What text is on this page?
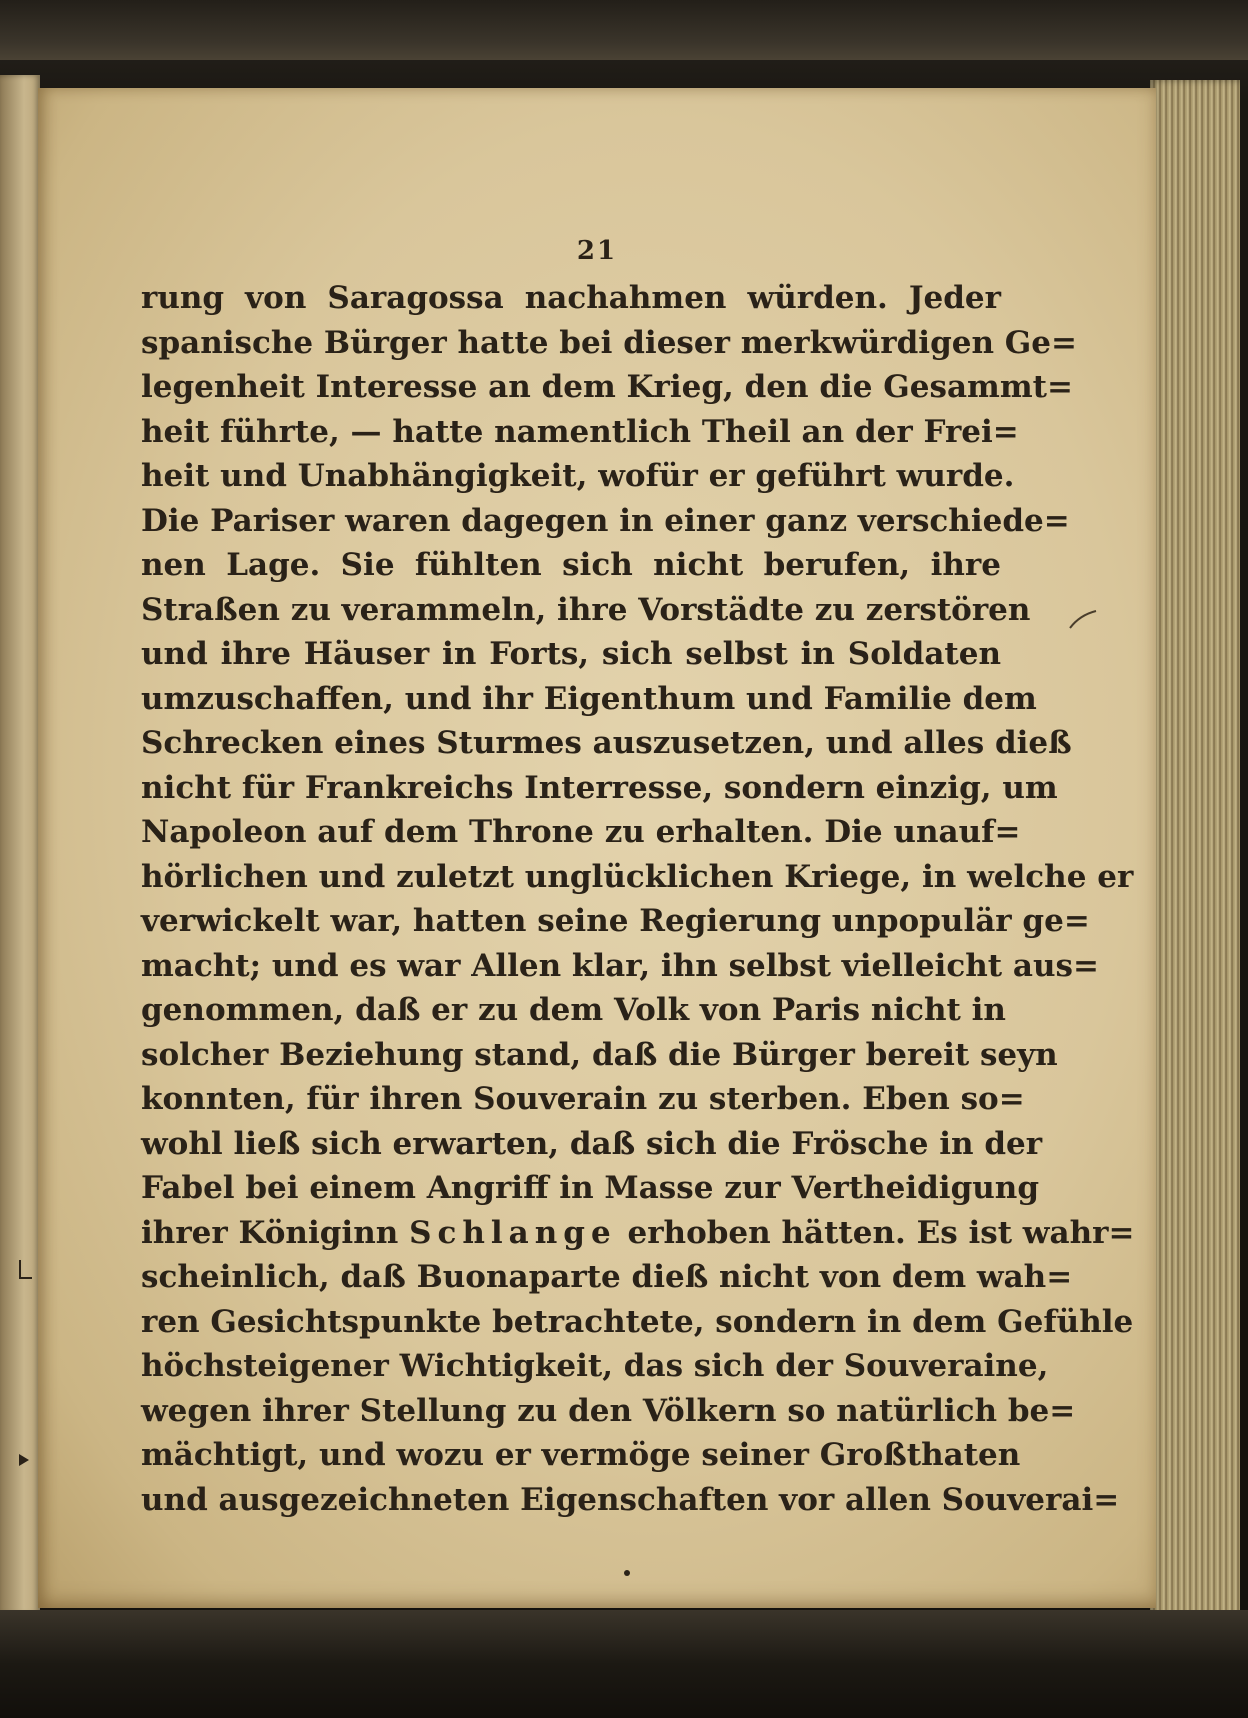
21
rung von Saragossa nachahmen würden. Jeder
spanische Bürger hatte bei dieser merkwürdigen Ge=
legenheit Interesse an dem Krieg, den die Gesammt=
heit führte, — hatte namentlich Theil an der Frei=
heit und Unabhängigkeit, wofür er geführt wurde.
Die Pariser waren dagegen in einer ganz verschiede=
nen Lage. Sie fühlten sich nicht berufen, ihre
Straßen zu verammeln, ihre Vorstädte zu zerstören
und ihre Häuser in Forts, sich selbst in Soldaten
umzuschaffen, und ihr Eigenthum und Familie dem
Schrecken eines Sturmes auszusetzen, und alles dieß
nicht für Frankreichs Interresse, sondern einzig, um
Napoleon auf dem Throne zu erhalten. Die unauf=
hörlichen und zuletzt unglücklichen Kriege, in welche er
verwickelt war, hatten seine Regierung unpopulär ge=
macht; und es war Allen klar, ihn selbst vielleicht aus=
genommen, daß er zu dem Volk von Paris nicht in
solcher Beziehung stand, daß die Bürger bereit seyn
konnten, für ihren Souverain zu sterben. Eben so=
wohl ließ sich erwarten, daß sich die Frösche in der
Fabel bei einem Angriff in Masse zur Vertheidigung
ihrer Königinn Schlange erhoben hätten. Es ist wahr=
scheinlich, daß Buonaparte dieß nicht von dem wah=
ren Gesichtspunkte betrachtete, sondern in dem Gefühle
höchsteigener Wichtigkeit, das sich der Souveraine,
wegen ihrer Stellung zu den Völkern so natürlich be=
mächtigt, und wozu er vermöge seiner Großthaten
und ausgezeichneten Eigenschaften vor allen Souverai=
